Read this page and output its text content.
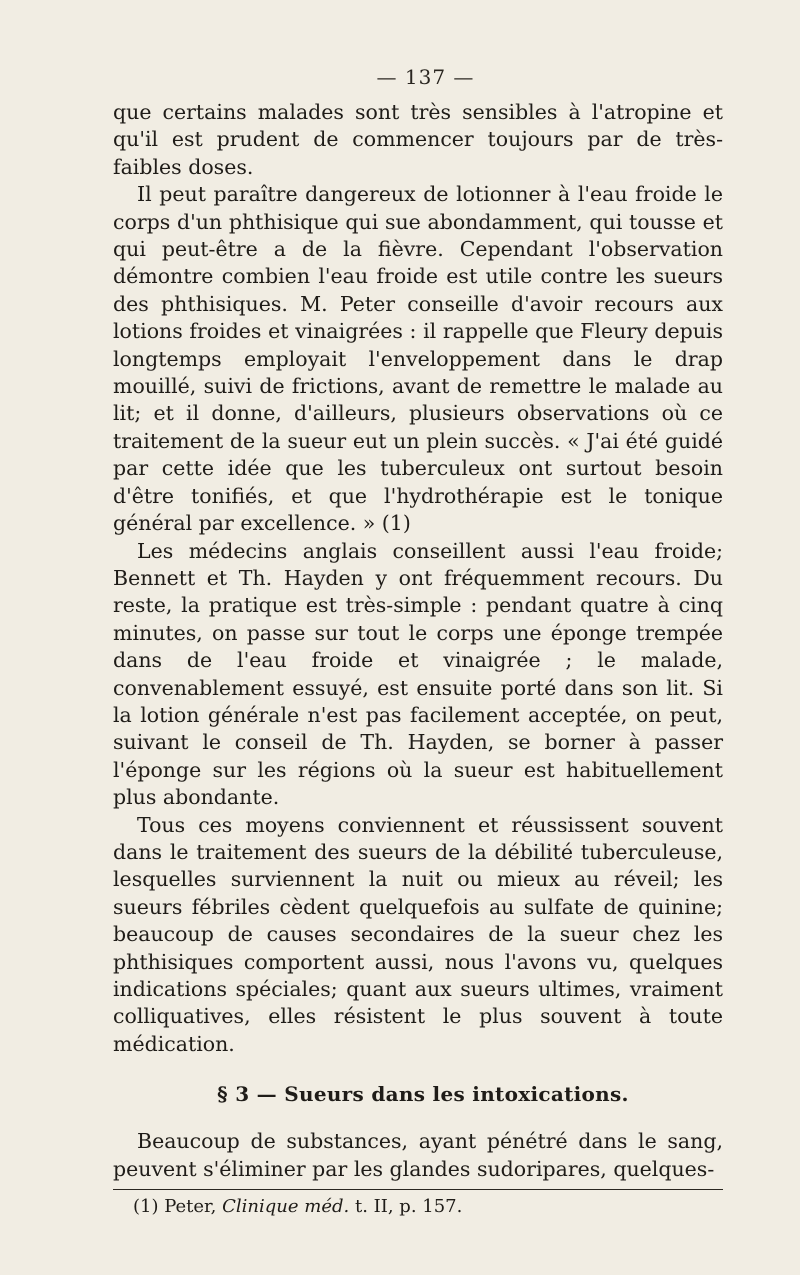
— 137 —

que certains malades sont très sensibles à l'atropine et qu'il est prudent de commencer toujours par de très-faibles doses.

Il peut paraître dangereux de lotionner à l'eau froide le corps d'un phthisique qui sue abondamment, qui tousse et qui peut-être a de la fièvre. Cependant l'observation démontre combien l'eau froide est utile contre les sueurs des phthisiques. M. Peter conseille d'avoir recours aux lotions froides et vinaigrées : il rappelle que Fleury depuis longtemps employait l'enveloppement dans le drap mouillé, suivi de frictions, avant de remettre le malade au lit; et il donne, d'ailleurs, plusieurs observations où ce traitement de la sueur eut un plein succès. « J'ai été guidé par cette idée que les tuberculeux ont surtout besoin d'être tonifiés, et que l'hydrothérapie est le tonique général par excellence. » (1)

Les médecins anglais conseillent aussi l'eau froide; Bennett et Th. Hayden y ont fréquemment recours. Du reste, la pratique est très-simple : pendant quatre à cinq minutes, on passe sur tout le corps une éponge trempée dans de l'eau froide et vinaigrée ; le malade, convenablement essuyé, est ensuite porté dans son lit. Si la lotion générale n'est pas facilement acceptée, on peut, suivant le conseil de Th. Hayden, se borner à passer l'éponge sur les régions où la sueur est habituellement plus abondante.

Tous ces moyens conviennent et réussissent souvent dans le traitement des sueurs de la débilité tuberculeuse, lesquelles surviennent la nuit ou mieux au réveil; les sueurs fébriles cèdent quelquefois au sulfate de quinine; beaucoup de causes secondaires de la sueur chez les phthisiques comportent aussi, nous l'avons vu, quelques indications spéciales; quant aux sueurs ultimes, vraiment colliquatives, elles résistent le plus souvent à toute médication.

§ 3 — Sueurs dans les intoxications.

Beaucoup de substances, ayant pénétré dans le sang, peuvent s'éliminer par les glandes sudoripares, quelques-

(1) Peter, Clinique méd. t. II, p. 157.
